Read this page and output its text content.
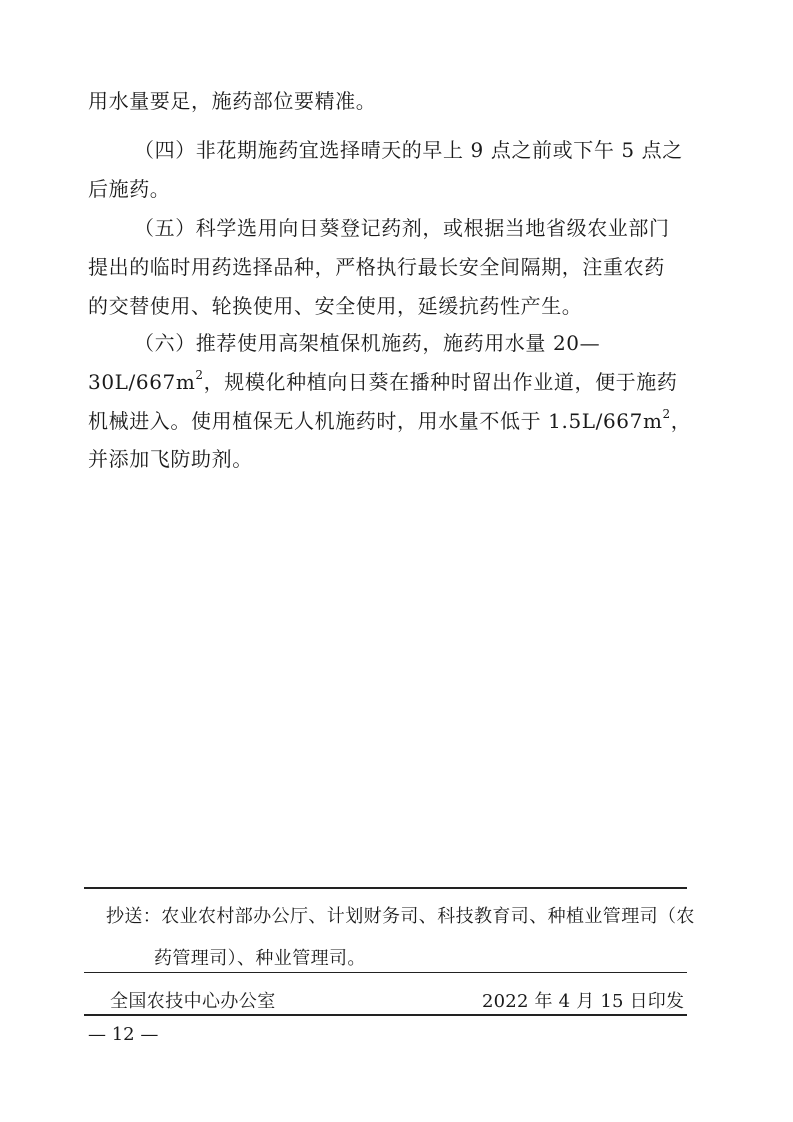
用水量要足，施药部位要精准。

（四）非花期施药宜选择晴天的早上 9 点之前或下午 5 点之
后施药。

（五）科学选用向日葵登记药剂，或根据当地省级农业部门
提出的临时用药选择品种，严格执行最长安全间隔期，注重农药
的交替使用、轮换使用、安全使用，延缓抗药性产生。

（六）推荐使用高架植保机施药，施药用水量 20—
$30L/667m^2$，规模化种植向日葵在播种时留出作业道，便于施药
机械进入。使用植保无人机施药时，用水量不低于 $1.5L/667m^2$，
并添加飞防助剂。

抄送：农业农村部办公厅、计划财务司、科技教育司、种植业管理司（农
药管理司）、种业管理司。
全国农技中心办公室	2022 年 4 月 15 日印发
— 12 —
